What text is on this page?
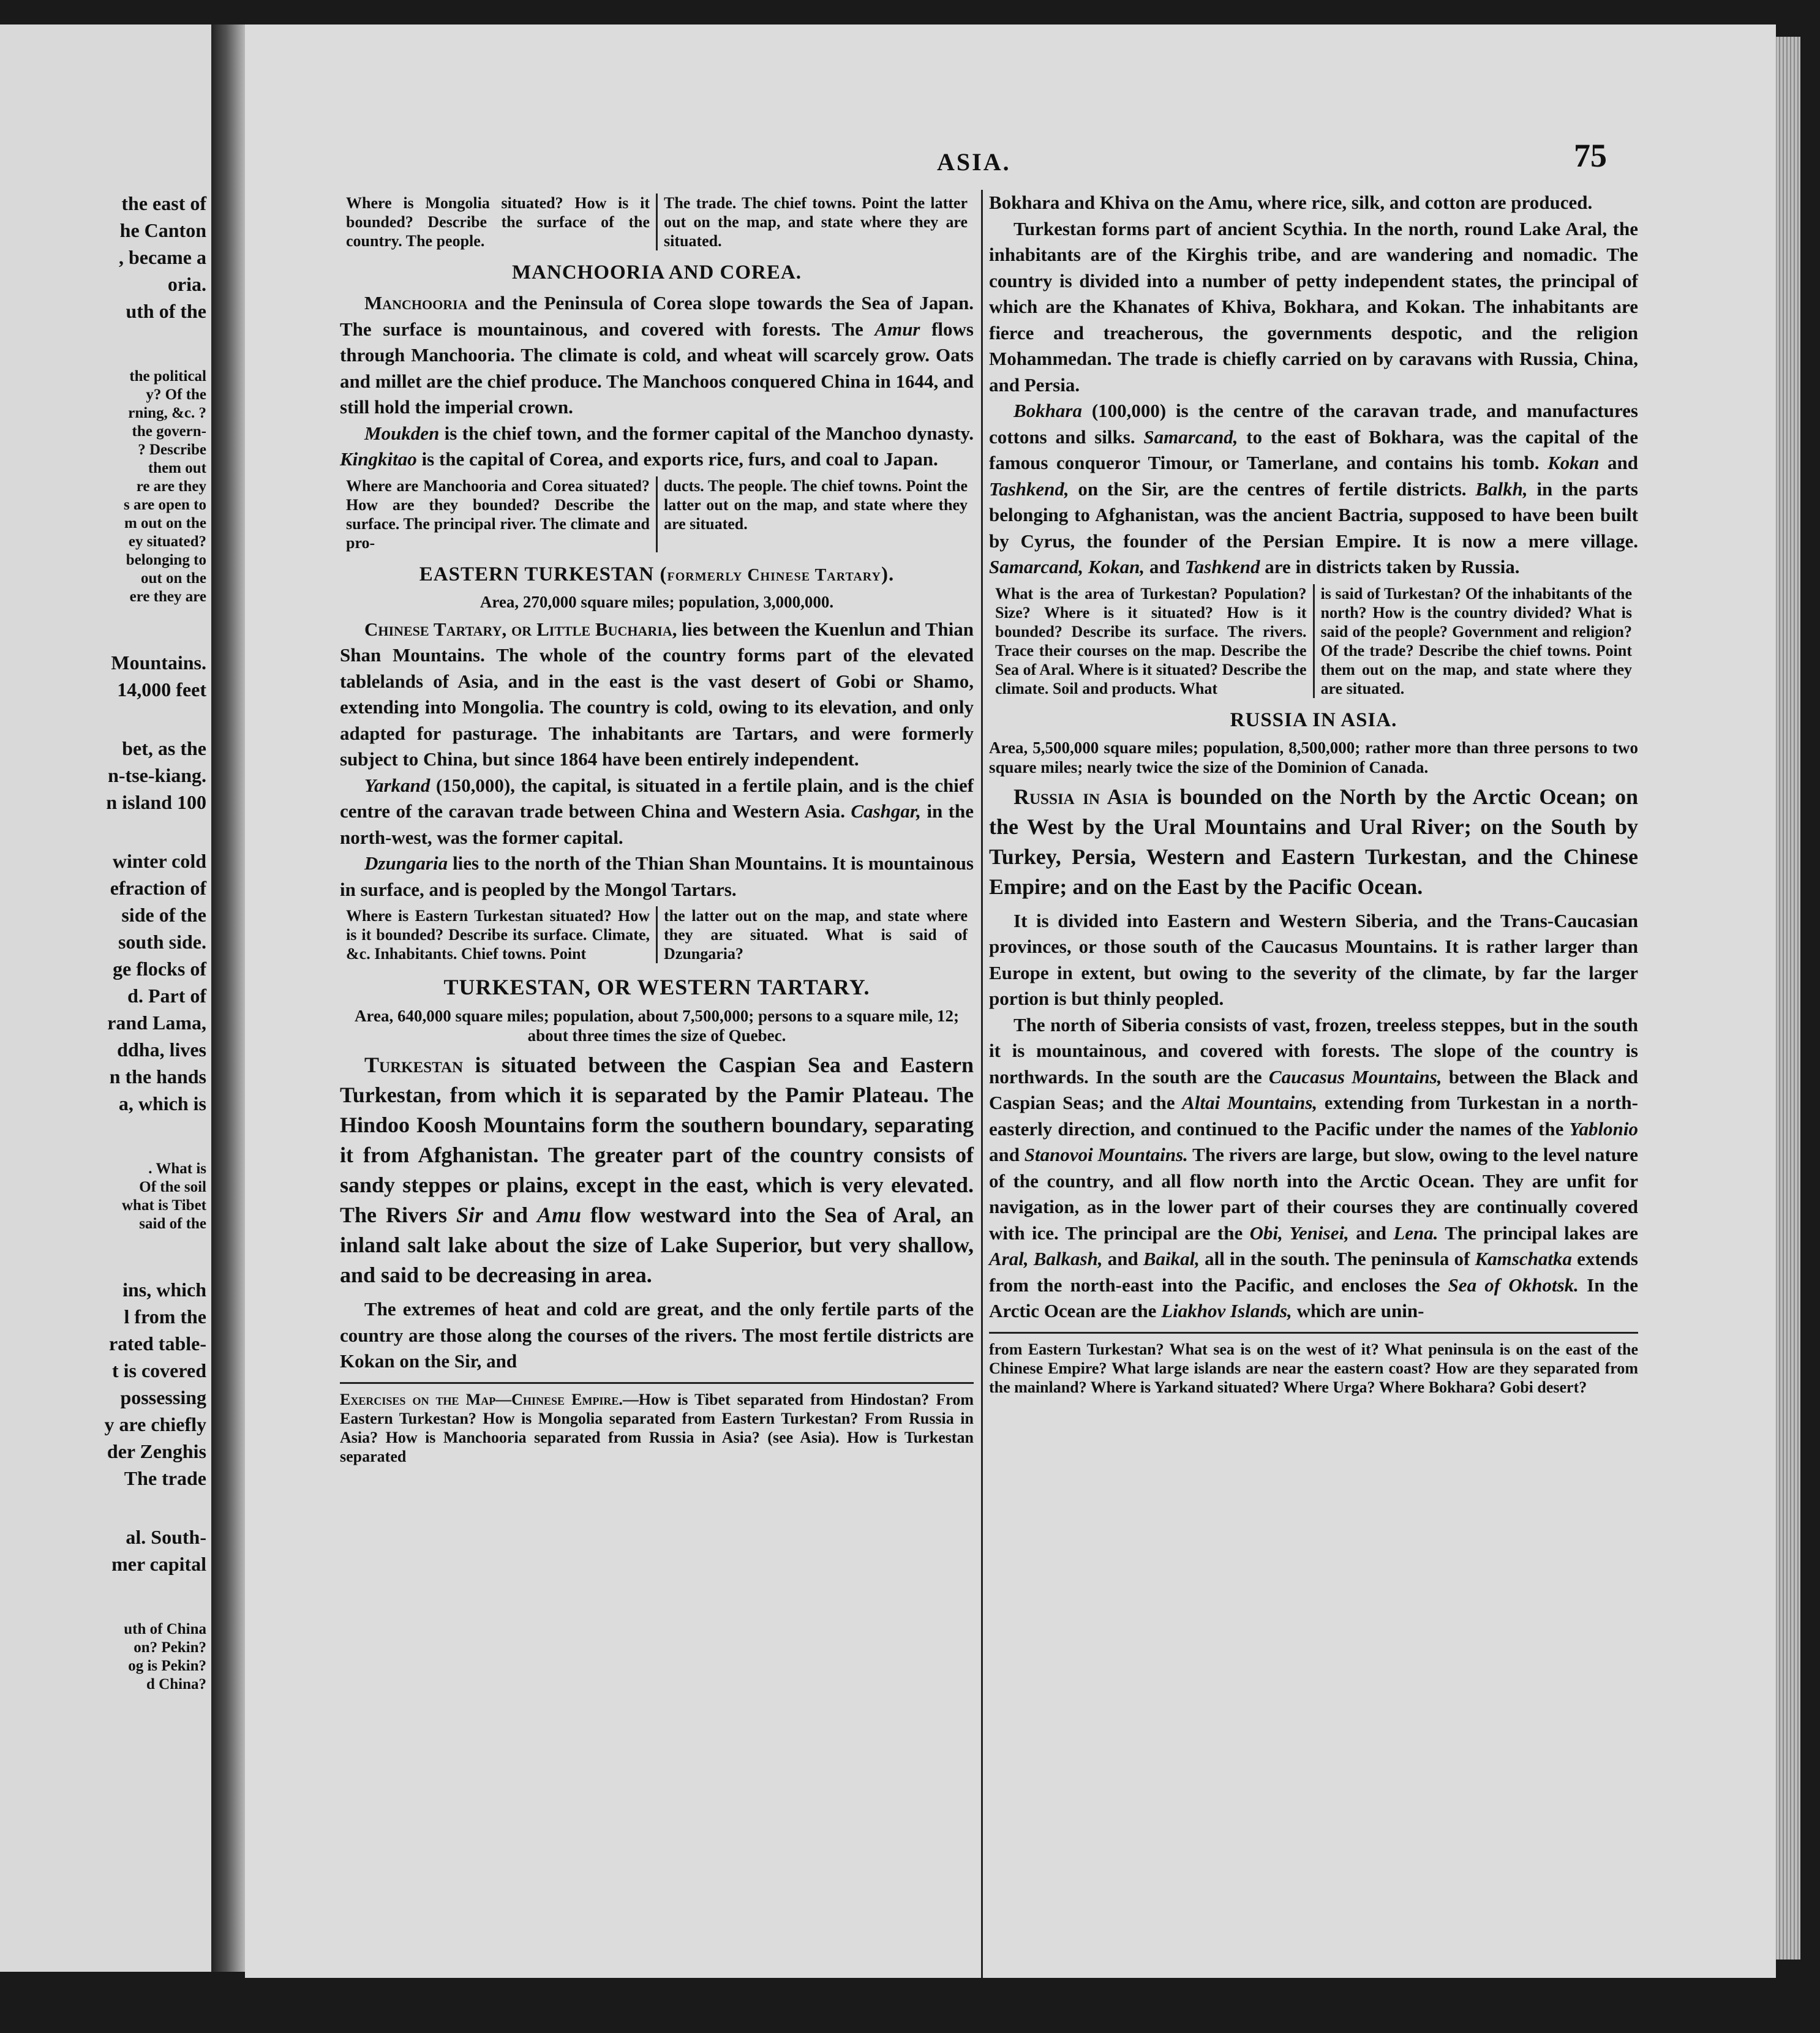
the east of
he Canton
, became a
oria.
uth of the
the political
y? Of the
rning, &c. ?
the govern-
? Describe
them out
re are they
s are open to
m out on the
ey situated?
belonging to
out on the
ere they are
Mountains.
14,000 feet
bet, as the
n-tse-kiang.
n island 100
winter cold
efraction of
side of the
south side.
ge flocks of
d. Part of
rand Lama,
ddha, lives
n the hands
a, which is
. What is
Of the soil
what is Tibet
said of the
ins, which
l from the
rated table-
t is covered
possessing
y are chiefly
der Zenghis
The trade
al. South-
mer capital
uth of China
on? Pekin?
og is Pekin?
d China?
ASIA.	75
Where is Mongolia situated? How is it bounded? Describe the surface of the country. The people.
The trade. The chief towns. Point the latter out on the map, and state where they are situated.
MANCHOORIA AND COREA.

Manchooria and the Peninsula of Corea slope towards the Sea of Japan. The surface is mountainous, and covered with forests. The Amur flows through Manchooria. The climate is cold, and wheat will scarcely grow. Oats and millet are the chief produce. The Manchoos conquered China in 1644, and still hold the imperial crown.

Moukden is the chief town, and the former capital of the Manchoo dynasty. Kingkitao is the capital of Corea, and exports rice, furs, and coal to Japan.

Where are Manchooria and Corea situated? How are they bounded? Describe the surface. The principal river. The climate and pro-
ducts. The people. The chief towns. Point the latter out on the map, and state where they are situated.
EASTERN TURKESTAN (formerly Chinese Tartary).

Area, 270,000 square miles; population, 3,000,000.

Chinese Tartary, or Little Bucharia, lies between the Kuenlun and Thian Shan Mountains. The whole of the country forms part of the elevated tablelands of Asia, and in the east is the vast desert of Gobi or Shamo, extending into Mongolia. The country is cold, owing to its elevation, and only adapted for pasturage. The inhabitants are Tartars, and were formerly subject to China, but since 1864 have been entirely independent.

Yarkand (150,000), the capital, is situated in a fertile plain, and is the chief centre of the caravan trade between China and Western Asia. Cashgar, in the north-west, was the former capital.

Dzungaria lies to the north of the Thian Shan Mountains. It is mountainous in surface, and is peopled by the Mongol Tartars.

Where is Eastern Turkestan situated? How is it bounded? Describe its surface. Climate, &c. Inhabitants. Chief towns. Point
the latter out on the map, and state where they are situated. What is said of Dzungaria?
TURKESTAN, OR WESTERN TARTARY.

Area, 640,000 square miles; population, about 7,500,000; persons to a square mile, 12; about three times the size of Quebec.

Turkestan is situated between the Caspian Sea and Eastern Turkestan, from which it is separated by the Pamir Plateau. The Hindoo Koosh Mountains form the southern boundary, separating it from Afghanistan. The greater part of the country consists of sandy steppes or plains, except in the east, which is very elevated. The Rivers Sir and Amu flow westward into the Sea of Aral, an inland salt lake about the size of Lake Superior, but very shallow, and said to be decreasing in area.

The extremes of heat and cold are great, and the only fertile parts of the country are those along the courses of the rivers. The most fertile districts are Kokan on the Sir, and

Exercises on the Map—Chinese Empire.—How is Tibet separated from Hindostan? From Eastern Turkestan? How is Mongolia separated from Eastern Turkestan? From Russia in Asia? How is Manchooria separated from Russia in Asia? (see Asia). How is Turkestan separated

Bokhara and Khiva on the Amu, where rice, silk, and cotton are produced.

Turkestan forms part of ancient Scythia. In the north, round Lake Aral, the inhabitants are of the Kirghis tribe, and are wandering and nomadic. The country is divided into a number of petty independent states, the principal of which are the Khanates of Khiva, Bokhara, and Kokan. The inhabitants are fierce and treacherous, the governments despotic, and the religion Mohammedan. The trade is chiefly carried on by caravans with Russia, China, and Persia.

Bokhara (100,000) is the centre of the caravan trade, and manufactures cottons and silks. Samarcand, to the east of Bokhara, was the capital of the famous conqueror Timour, or Tamerlane, and contains his tomb. Kokan and Tashkend, on the Sir, are the centres of fertile districts. Balkh, in the parts belonging to Afghanistan, was the ancient Bactria, supposed to have been built by Cyrus, the founder of the Persian Empire. It is now a mere village. Samarcand, Kokan, and Tashkend are in districts taken by Russia.

What is the area of Turkestan? Population? Size? Where is it situated? How is it bounded? Describe its surface. The rivers. Trace their courses on the map. Describe the Sea of Aral. Where is it situated? Describe the climate. Soil and products. What
is said of Turkestan? Of the inhabitants of the north? How is the country divided? What is said of the people? Government and religion? Of the trade? Describe the chief towns. Point them out on the map, and state where they are situated.
RUSSIA IN ASIA.

Area, 5,500,000 square miles; population, 8,500,000; rather more than three persons to two square miles; nearly twice the size of the Dominion of Canada.

Russia in Asia is bounded on the North by the Arctic Ocean; on the West by the Ural Mountains and Ural River; on the South by Turkey, Persia, Western and Eastern Turkestan, and the Chinese Empire; and on the East by the Pacific Ocean.

It is divided into Eastern and Western Siberia, and the Trans-Caucasian provinces, or those south of the Caucasus Mountains. It is rather larger than Europe in extent, but owing to the severity of the climate, by far the larger portion is but thinly peopled.

The north of Siberia consists of vast, frozen, treeless steppes, but in the south it is mountainous, and covered with forests. The slope of the country is northwards. In the south are the Caucasus Mountains, between the Black and Caspian Seas; and the Altai Mountains, extending from Turkestan in a north-easterly direction, and continued to the Pacific under the names of the Yablonio and Stanovoi Mountains. The rivers are large, but slow, owing to the level nature of the country, and all flow north into the Arctic Ocean. They are unfit for navigation, as in the lower part of their courses they are continually covered with ice. The principal are the Obi, Yenisei, and Lena. The principal lakes are Aral, Balkash, and Baikal, all in the south. The peninsula of Kamschatka extends from the north-east into the Pacific, and encloses the Sea of Okhotsk. In the Arctic Ocean are the Liakhov Islands, which are unin-

from Eastern Turkestan? What sea is on the west of it? What peninsula is on the east of the Chinese Empire? What large islands are near the eastern coast? How are they separated from the mainland? Where is Yarkand situated? Where Urga? Where Bokhara? Gobi desert?
